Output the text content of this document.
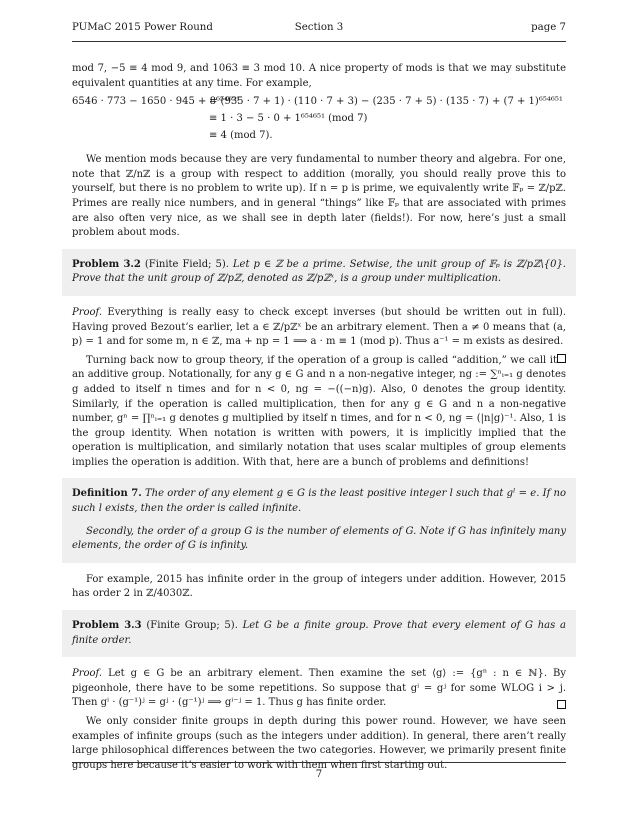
PUMaC 2015 Power Round	Section 3	page 7

mod 7, −5 ≡ 4 mod 9, and 1063 ≡ 3 mod 10. A nice property of mods is that we may substitute equivalent quantities at any time. For example,

6546 · 773 − 1650 · 945 + 8⁶⁵⁴⁶⁵¹
= (935 · 7 + 1) · (110 · 7 + 3) − (235 · 7 + 5) · (135 · 7) + (7 + 1)⁶⁵⁴⁶⁵¹
≡ 1 · 3 − 5 · 0 + 1⁶⁵⁴⁶⁵¹ (mod 7)
≡ 4 (mod 7).

We mention mods because they are very fundamental to number theory and algebra. For one, note that ℤ/nℤ is a group with respect to addition (morally, you should really prove this to yourself, but there is no problem to write up). If n = p is prime, we equivalently write 𝔽ₚ = ℤ/pℤ. Primes are really nice numbers, and in general “things” like 𝔽ₚ that are associated with primes are also often very nice, as we shall see in depth later (fields!). For now, here’s just a small problem about mods.

Problem 3.2 (Finite Field; 5). Let p ∈ ℤ be a prime. Setwise, the unit group of 𝔽ₚ is ℤ/pℤ\{0}. Prove that the unit group of ℤ/pℤ, denoted as ℤ/pℤˣ, is a group under multiplication.

Proof. Everything is really easy to check except inverses (but should be written out in full). Having proved Bezout’s earlier, let a ∈ ℤ/pℤˣ be an arbitrary element. Then a ≠ 0 means that (a, p) = 1 and for some m, n ∈ ℤ, ma + np = 1 ⟹ a · m ≡ 1 (mod p). Thus a⁻¹ = m exists as desired.

Turning back now to group theory, if the operation of a group is called “addition,” we call it an additive group. Notationally, for any g ∈ G and n a non-negative integer, ng := ∑ⁿᵢ₌₁ g denotes g added to itself n times and for n < 0, ng = −((−n)g). Also, 0 denotes the group identity. Similarly, if the operation is called multiplication, then for any g ∈ G and n a non-negative number, gⁿ = ∏ⁿᵢ₌₁ g denotes g multiplied by itself n times, and for n < 0, ng = (|n|g)⁻¹. Also, 1 is the group identity. When notation is written with powers, it is implicitly implied that the operation is multiplication, and similarly notation that uses scalar multiples of group elements implies the operation is addition. With that, here are a bunch of problems and definitions!

Definition 7. The order of any element g ∈ G is the least positive integer l such that gˡ = e. If no such l exists, then the order is called infinite.

Secondly, the order of a group G is the number of elements of G. Note if G has infinitely many elements, the order of G is infinity.

For example, 2015 has infinite order in the group of integers under addition. However, 2015 has order 2 in ℤ/4030ℤ.

Problem 3.3 (Finite Group; 5). Let G be a finite group. Prove that every element of G has a finite order.

Proof. Let g ∈ G be an arbitrary element. Then examine the set ⟨g⟩ := {gⁿ : n ∈ ℕ}. By pigeonhole, there have to be some repetitions. So suppose that gⁱ = gʲ for some WLOG i > j. Then gⁱ · (g⁻¹)ʲ = gʲ · (g⁻¹)ʲ ⟹ gⁱ⁻ʲ = 1. Thus g has finite order.

We only consider finite groups in depth during this power round. However, we have seen examples of infinite groups (such as the integers under addition). In general, there aren’t really large philosophical differences between the two categories. However, we primarily present finite groups here because it’s easier to work with them when first starting out.

7
